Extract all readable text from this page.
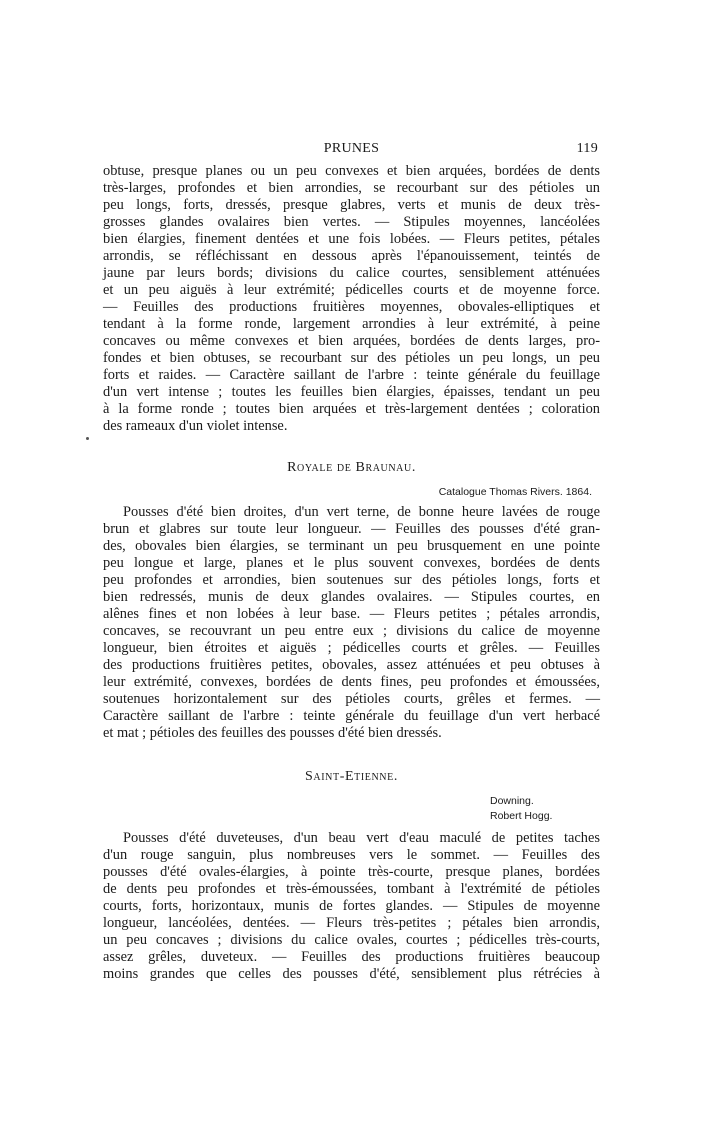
PRUNES	119
obtuse, presque planes ou un peu convexes et bien arquées, bordées de dents
très-larges, profondes et bien arrondies, se recourbant sur des pétioles un
peu longs, forts, dressés, presque glabres, verts et munis de deux très-
grosses glandes ovalaires bien vertes. — Stipules moyennes, lancéolées
bien élargies, finement dentées et une fois lobées. — Fleurs petites, pétales
arrondis, se réfléchissant en dessous après l'épanouissement, teintés de
jaune par leurs bords; divisions du calice courtes, sensiblement atténuées
et un peu aiguës à leur extrémité; pédicelles courts et de moyenne force.
— Feuilles des productions fruitières moyennes, obovales-elliptiques et
tendant à la forme ronde, largement arrondies à leur extrémité, à peine
concaves ou même convexes et bien arquées, bordées de dents larges, pro-
fondes et bien obtuses, se recourbant sur des pétioles un peu longs, un peu
forts et raides. — Caractère saillant de l'arbre : teinte générale du feuillage
d'un vert intense ; toutes les feuilles bien élargies, épaisses, tendant un peu
à la forme ronde ; toutes bien arquées et très-largement dentées ; coloration
des rameaux d'un violet intense.
Royale de Braunau.
Catalogue Thomas Rivers. 1864.
Pousses d'été bien droites, d'un vert terne, de bonne heure lavées de rouge
brun et glabres sur toute leur longueur. — Feuilles des pousses d'été gran-
des, obovales bien élargies, se terminant un peu brusquement en une pointe
peu longue et large, planes et le plus souvent convexes, bordées de dents
peu profondes et arrondies, bien soutenues sur des pétioles longs, forts et
bien redressés, munis de deux glandes ovalaires. — Stipules courtes, en
alênes fines et non lobées à leur base. — Fleurs petites ; pétales arrondis,
concaves, se recouvrant un peu entre eux ; divisions du calice de moyenne
longueur, bien étroites et aiguës ; pédicelles courts et grêles. — Feuilles
des productions fruitières petites, obovales, assez atténuées et peu obtuses à
leur extrémité, convexes, bordées de dents fines, peu profondes et émoussées,
soutenues horizontalement sur des pétioles courts, grêles et fermes. —
Caractère saillant de l'arbre : teinte générale du feuillage d'un vert herbacé
et mat ; pétioles des feuilles des pousses d'été bien dressés.
Saint-Etienne.
Downing.
Robert Hogg.
Pousses d'été duveteuses, d'un beau vert d'eau maculé de petites taches
d'un rouge sanguin, plus nombreuses vers le sommet. — Feuilles des
pousses d'été ovales-élargies, à pointe très-courte, presque planes, bordées
de dents peu profondes et très-émoussées, tombant à l'extrémité de pétioles
courts, forts, horizontaux, munis de fortes glandes. — Stipules de moyenne
longueur, lancéolées, dentées. — Fleurs très-petites ; pétales bien arrondis,
un peu concaves ; divisions du calice ovales, courtes ; pédicelles très-courts,
assez grêles, duveteux. — Feuilles des productions fruitières beaucoup
moins grandes que celles des pousses d'été, sensiblement plus rétrécies à
